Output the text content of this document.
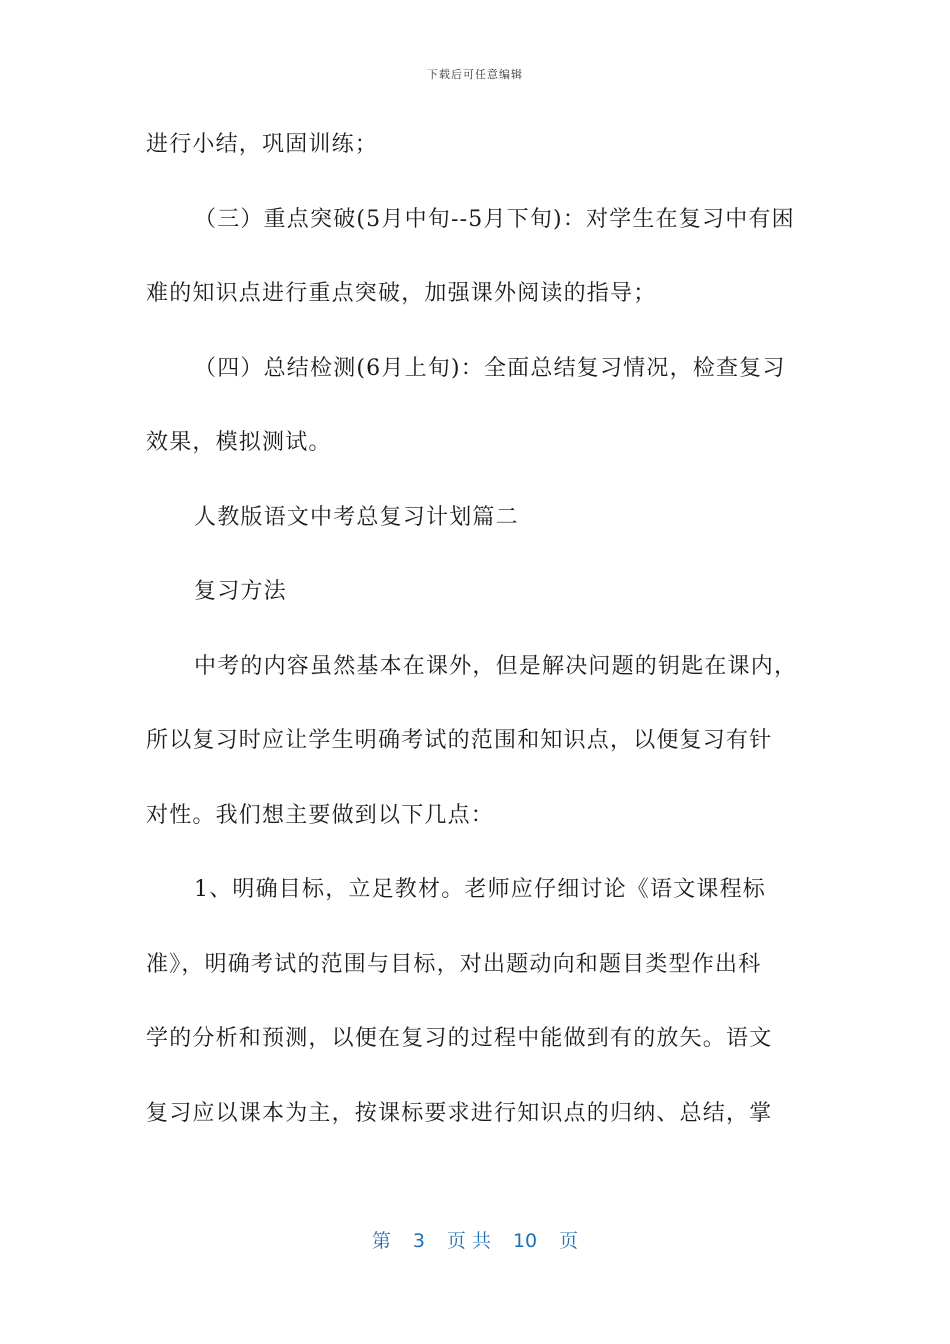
下载后可任意编辑
进行小结，巩固训练；
（三）重点突破(5月中旬--5月下旬)：对学生在复习中有困
难的知识点进行重点突破，加强课外阅读的指导；
（四）总结检测(6月上旬)：全面总结复习情况，检查复习
效果，模拟测试。
人教版语文中考总复习计划篇二
复习方法
中考的内容虽然基本在课外，但是解决问题的钥匙在课内，
所以复习时应让学生明确考试的范围和知识点，以便复习有针
对性。我们想主要做到以下几点：
1、明确目标，立足教材。老师应仔细讨论《语文课程标
准》，明确考试的范围与目标，对出题动向和题目类型作出科
学的分析和预测，以便在复习的过程中能做到有的放矢。语文
复习应以课本为主，按课标要求进行知识点的归纳、总结，掌
第 3 页 共 10 页
